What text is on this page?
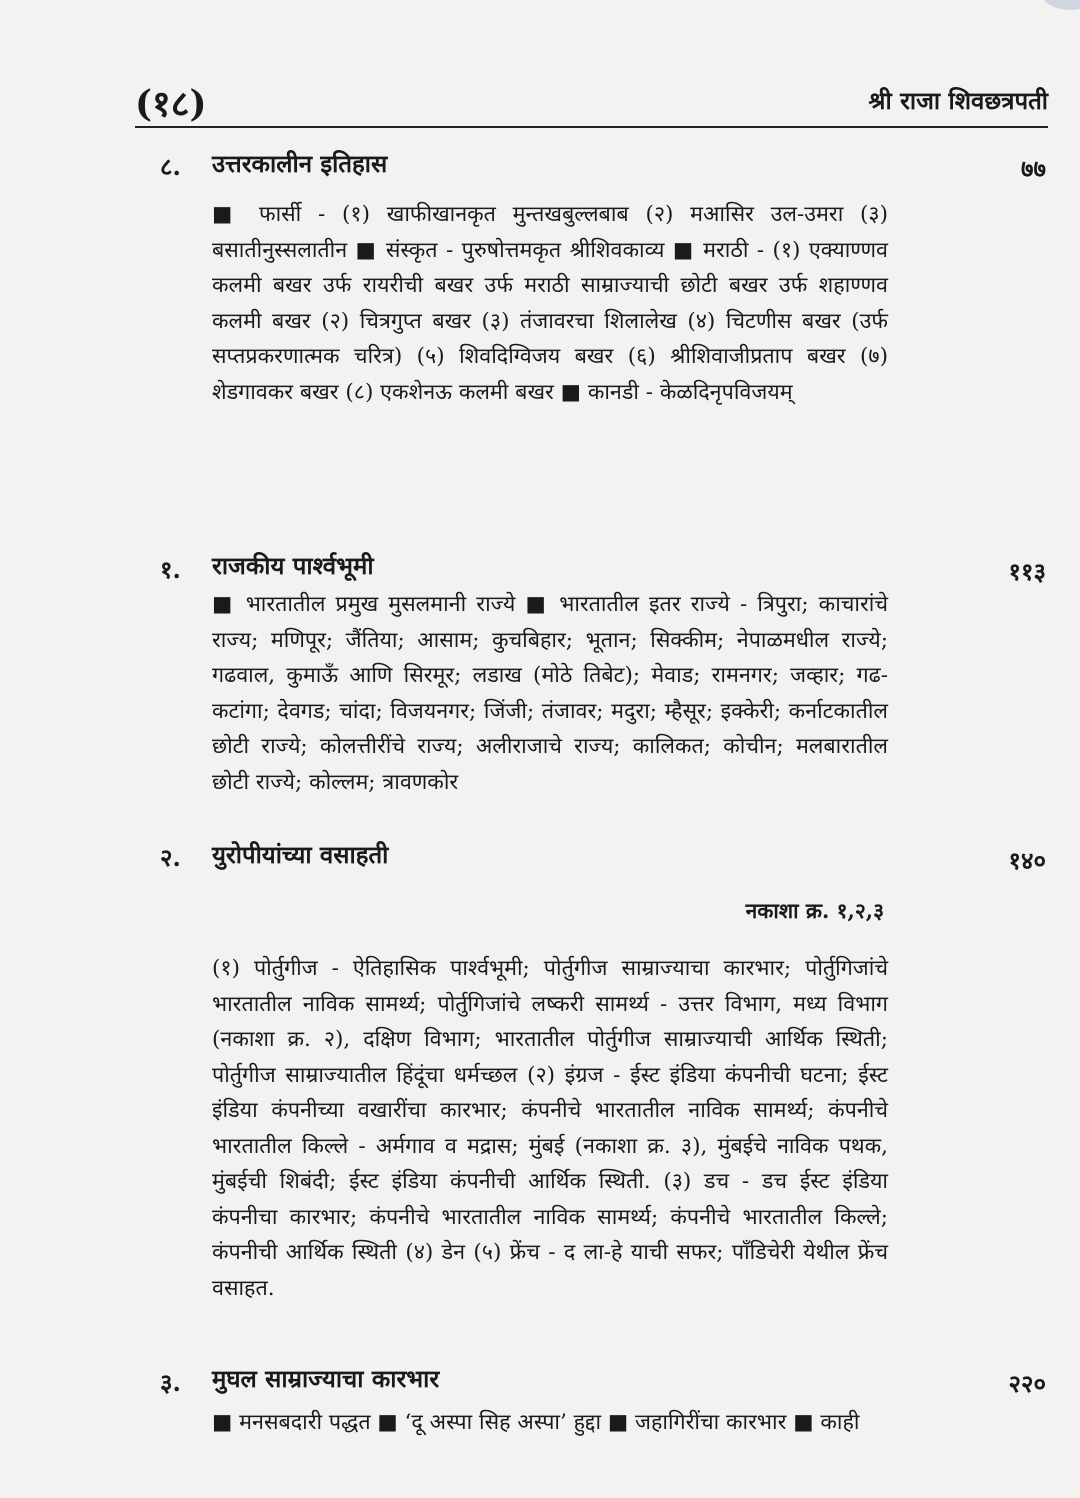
(१८)	श्री राजा शिवछत्रपती
८. उत्तरकालीन इतिहास	७७
■ फार्सी - (१) खाफीखानकृत मुन्तखबुल्लबाब (२) मआसिर उल-उमरा (३) बसातीनुस्सलातीन ■ संस्कृत - पुरुषोत्तमकृत श्रीशिवकाव्य ■ मराठी - (१) एक्याण्णव कलमी बखर उर्फ रायरीची बखर उर्फ मराठी साम्राज्याची छोटी बखर उर्फ शहाण्णव कलमी बखर (२) चित्रगुप्त बखर (३) तंजावरचा शिलालेख (४) चिटणीस बखर (उर्फ सप्तप्रकरणात्मक चरित्र) (५) शिवदिग्विजय बखर (६) श्रीशिवाजीप्रताप बखर (७) शेडगावकर बखर (८) एकशेनऊ कलमी बखर ■ कानडी - केळदिनृपविजयम्
१. राजकीय पार्श्वभूमी	११३
■ भारतातील प्रमुख मुसलमानी राज्ये ■ भारतातील इतर राज्ये - त्रिपुरा; काचारांचे राज्य; मणिपूर; जैंतिया; आसाम; कुचबिहार; भूतान; सिक्कीम; नेपाळमधील राज्ये; गढवाल, कुमाऊँ आणि सिरमूर; लडाख (मोठे तिबेट); मेवाड; रामनगर; जव्हार; गढ-कटांगा; देवगड; चांदा; विजयनगर; जिंजी; तंजावर; मदुरा; म्हैसूर; इक्केरी; कर्नाटकातील छोटी राज्ये; कोलत्तीरींचे राज्य; अलीराजाचे राज्य; कालिकत; कोचीन; मलबारातील छोटी राज्ये; कोल्लम; त्रावणकोर
२. युरोपीयांच्या वसाहती	१४०
नकाशा क्र. १,२,३
(१) पोर्तुगीज - ऐतिहासिक पार्श्वभूमी; पोर्तुगीज साम्राज्याचा कारभार; पोर्तुगिजांचे भारतातील नाविक सामर्थ्य; पोर्तुगिजांचे लष्करी सामर्थ्य - उत्तर विभाग, मध्य विभाग (नकाशा क्र. २), दक्षिण विभाग; भारतातील पोर्तुगीज साम्राज्याची आर्थिक स्थिती; पोर्तुगीज साम्राज्यातील हिंदूंचा धर्मच्छल (२) इंग्रज - ईस्ट इंडिया कंपनीची घटना; ईस्ट इंडिया कंपनीच्या वखारींचा कारभार; कंपनीचे भारतातील नाविक सामर्थ्य; कंपनीचे भारतातील किल्ले - अर्मगाव व मद्रास; मुंबई (नकाशा क्र. ३), मुंबईचे नाविक पथक, मुंबईची शिबंदी; ईस्ट इंडिया कंपनीची आर्थिक स्थिती. (३) डच - डच ईस्ट इंडिया कंपनीचा कारभार; कंपनीचे भारतातील नाविक सामर्थ्य; कंपनीचे भारतातील किल्ले; कंपनीची आर्थिक स्थिती (४) डेन (५) फ्रेंच - द ला-हे याची सफर; पाँडिचेरी येथील फ्रेंच वसाहत.
३. मुघल साम्राज्याचा कारभार	२२०
■ मनसबदारी पद्धत ■ ‘दू अस्पा सिह अस्पा’ हुद्दा ■ जहागिरींचा कारभार ■ काही
